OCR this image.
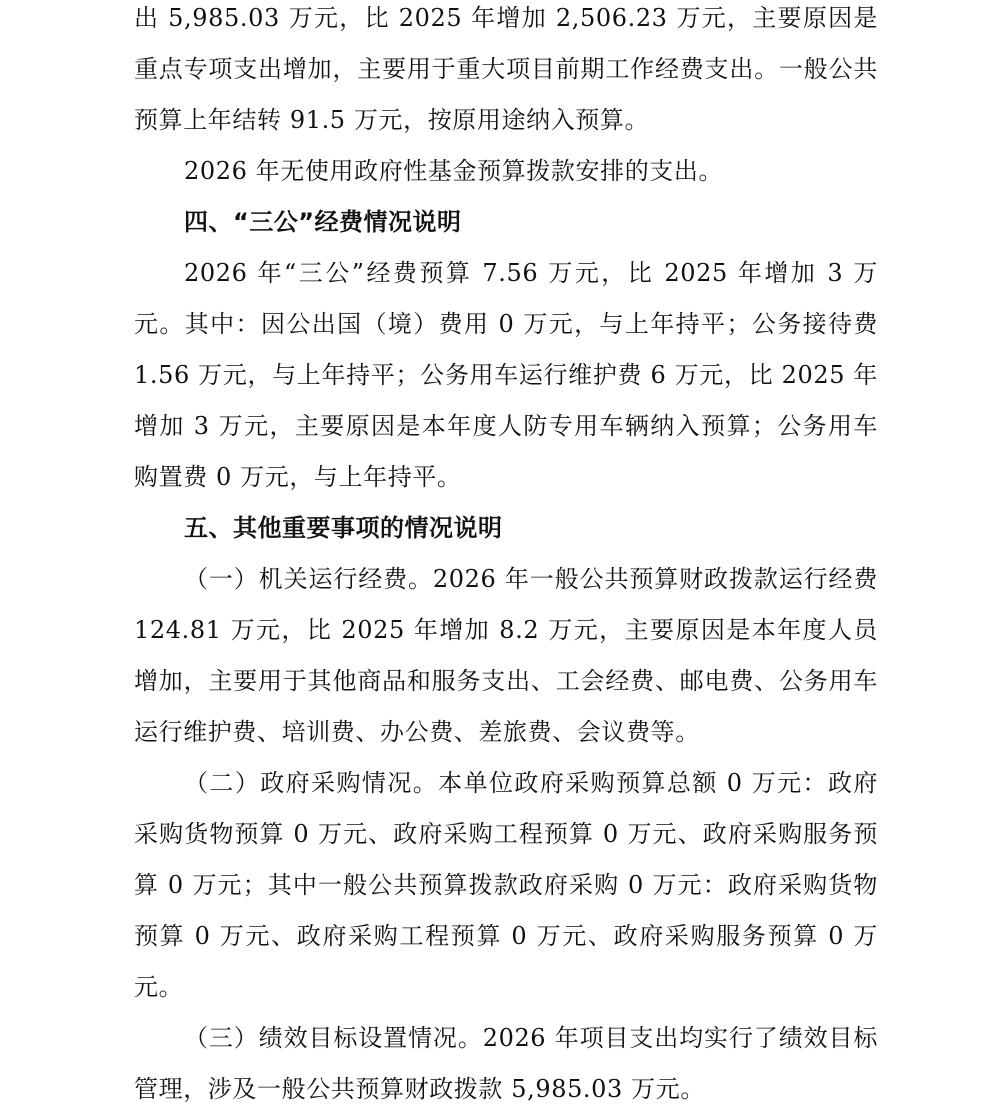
出 5,985.03 万元，比 2025 年增加 2,506.23 万元，主要原因是重点专项支出增加，主要用于重大项目前期工作经费支出。一般公共预算上年结转 91.5 万元，按原用途纳入预算。

2026 年无使用政府性基金预算拨款安排的支出。

四、“三公”经费情况说明

2026 年“三公”经费预算 7.56 万元，比 2025 年增加 3 万元。其中：因公出国（境）费用 0 万元，与上年持平；公务接待费 1.56 万元，与上年持平；公务用车运行维护费 6 万元，比 2025 年增加 3 万元，主要原因是本年度人防专用车辆纳入预算；公务用车购置费 0 万元，与上年持平。

五、其他重要事项的情况说明

（一）机关运行经费。2026 年一般公共预算财政拨款运行经费 124.81 万元，比 2025 年增加 8.2 万元，主要原因是本年度人员增加，主要用于其他商品和服务支出、工会经费、邮电费、公务用车运行维护费、培训费、办公费、差旅费、会议费等。

（二）政府采购情况。本单位政府采购预算总额 0 万元：政府采购货物预算 0 万元、政府采购工程预算 0 万元、政府采购服务预算 0 万元；其中一般公共预算拨款政府采购 0 万元：政府采购货物预算 0 万元、政府采购工程预算 0 万元、政府采购服务预算 0 万元。

（三）绩效目标设置情况。2026 年项目支出均实行了绩效目标管理，涉及一般公共预算财政拨款 5,985.03 万元。
